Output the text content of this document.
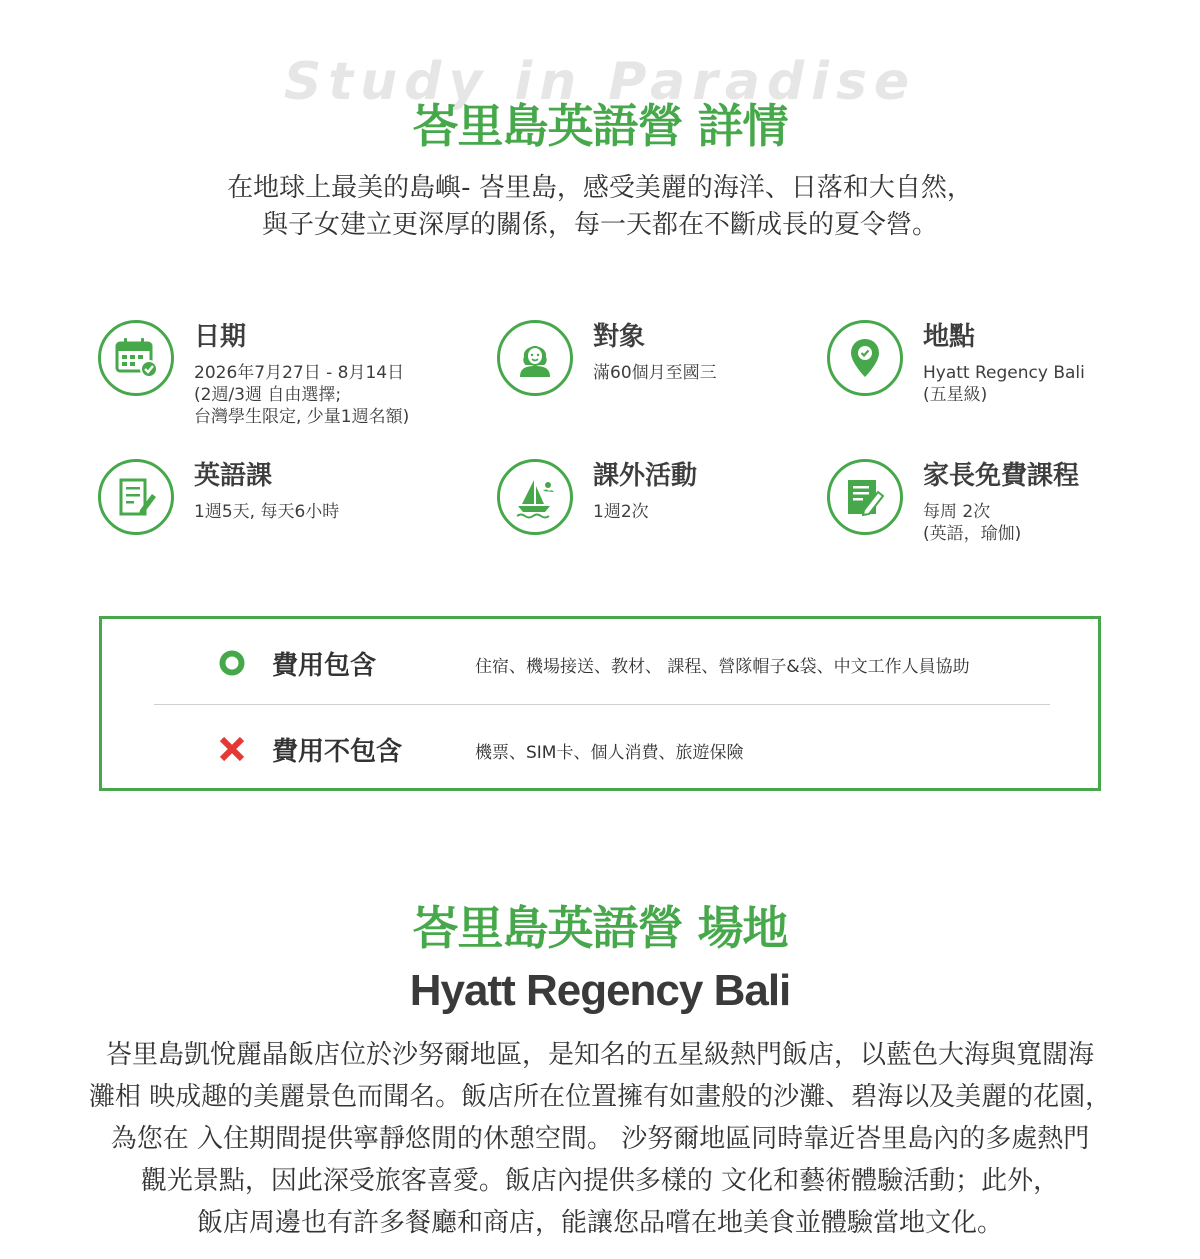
Study in Paradise
峇里島英語營 詳情

在地球上最美的島嶼- 峇里島，感受美麗的海洋、日落和大自然，

與子女建立更深厚的關係，每一天都在不斷成長的夏令營。

日期
2026年7月27日 - 8月14日
(2週/3週 自由選擇;
台灣學生限定, 少量1週名額)
對象
滿60個月至國三
地點
Hyatt Regency Bali
(五星級)
英語課
1週5天, 每天6小時
課外活動
1週2次
家長免費課程
每周 2次
(英語，瑜伽)
費用包含	住宿、機場接送、教材、 課程、營隊帽子&袋、中文工作人員協助
費用不包含	機票、SIM卡、個人消費、旅遊保險
峇里島英語營 場地
Hyatt Regency Bali

峇里島凱悅麗晶飯店位於沙努爾地區，是知名的五星級熱門飯店，以藍色大海與寬闊海

灘相 映成趣的美麗景色而聞名。飯店所在位置擁有如畫般的沙灘、碧海以及美麗的花園，

為您在 入住期間提供寧靜悠閒的休憩空間。 沙努爾地區同時靠近峇里島內的多處熱門

觀光景點，因此深受旅客喜愛。飯店內提供多樣的 文化和藝術體驗活動；此外，

飯店周邊也有許多餐廳和商店，能讓您品嚐在地美食並體驗當地文化。
